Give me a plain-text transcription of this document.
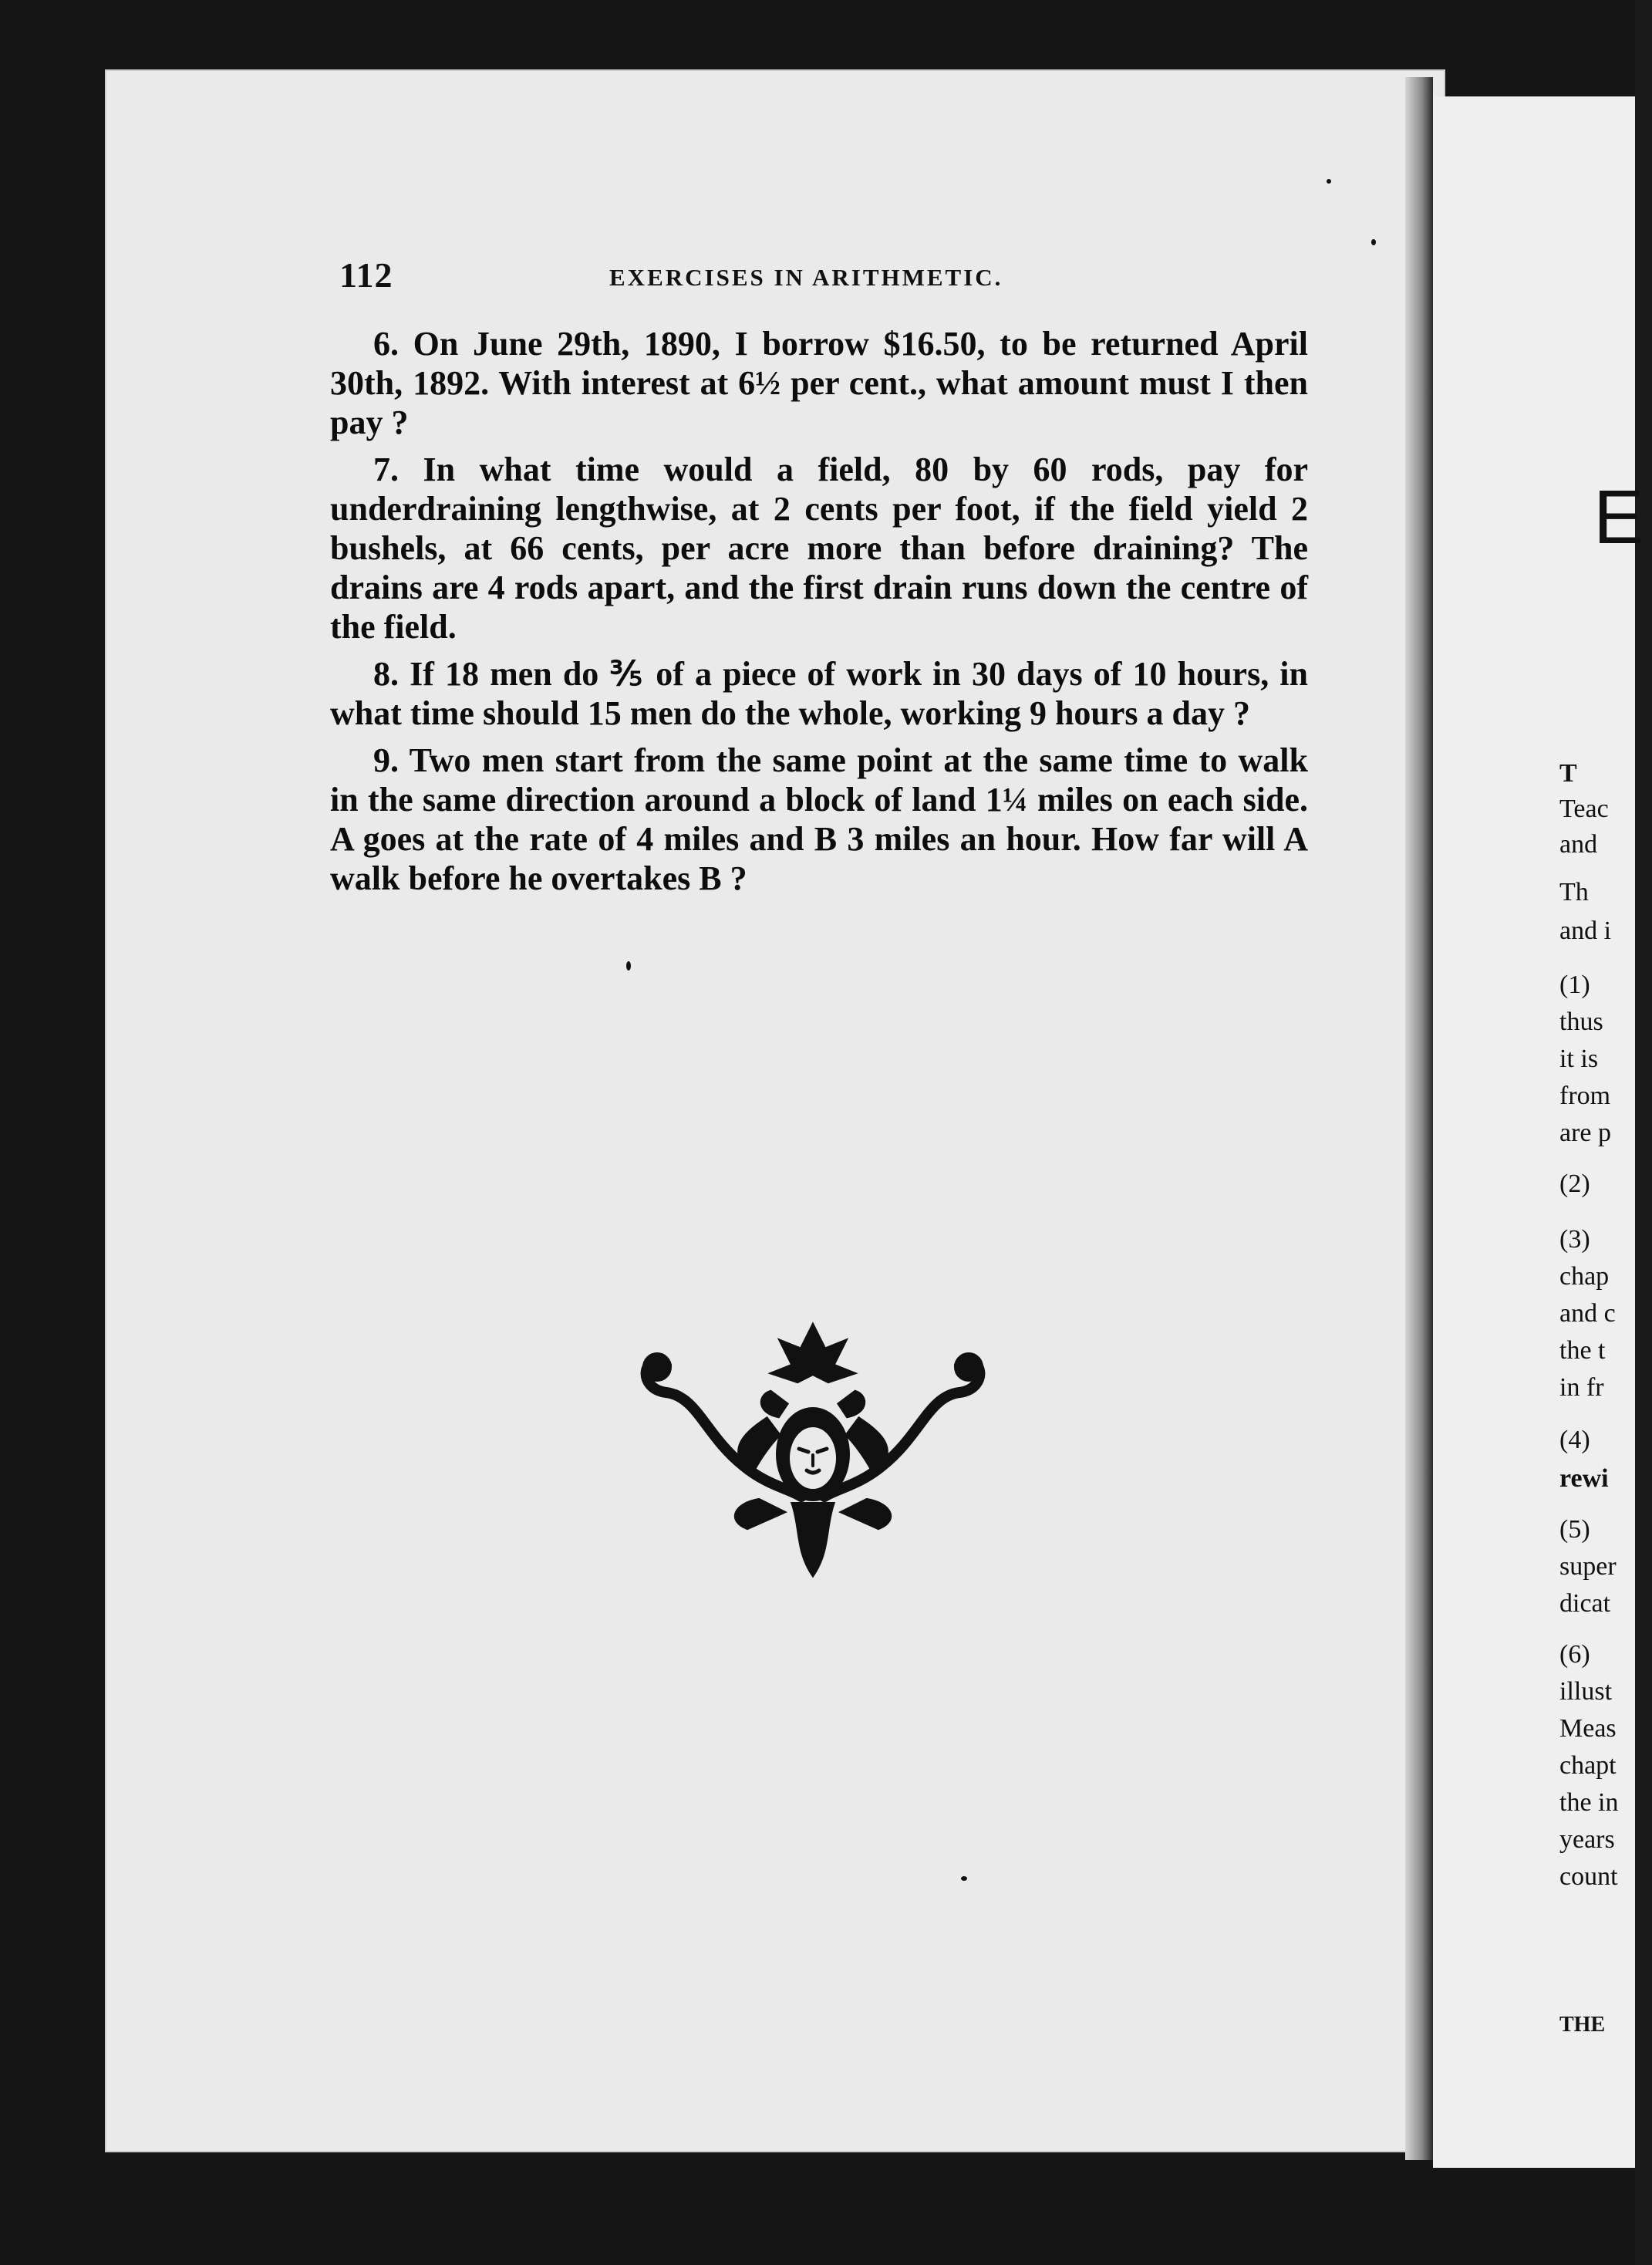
112	EXERCISES IN ARITHMETIC.

6. On June 29th, 1890, I borrow $16.50, to be returned April 30th, 1892. With interest at 6½ per cent., what amount must I then pay ?

7. In what time would a field, 80 by 60 rods, pay for underdraining lengthwise, at 2 cents per foot, if the field yield 2 bushels, at 66 cents, per acre more than before draining? The drains are 4 rods apart, and the first drain runs down the centre of the field.

8. If 18 men do ⅗ of a piece of work in 30 days of 10 hours, in what time should 15 men do the whole, working 9 hours a day ?

9. Two men start from the same point at the same time to walk in the same direction around a block of land 1¼ miles on each side. A goes at the rate of 4 miles and B 3 miles an hour. How far will A walk before he overtakes B ?

E
T
Teac
and
Th
and i
(1)
thus
it is
from
are p
(2)
(3)
chap
and c
the t
in fr
(4)
rewi
(5)
super
dicat
(6)
illust
Meas
chapt
the in
years
count
THE
